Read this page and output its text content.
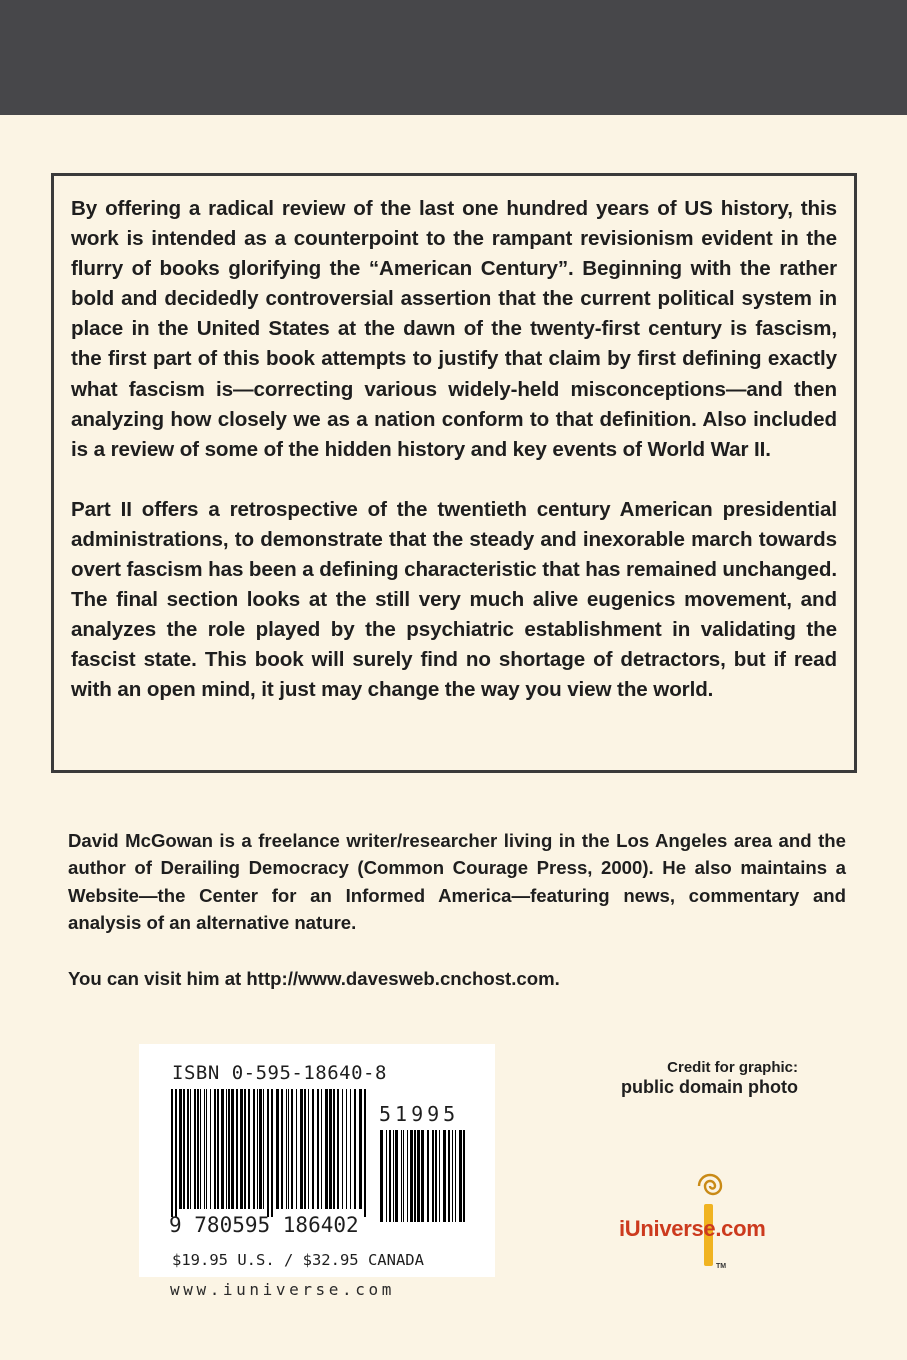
By offering a radical review of the last one hundred years of US history, this work is intended as a counterpoint to the rampant revisionism evident in the flurry of books glorifying the “American Century”. Beginning with the rather bold and decidedly controversial assertion that the current political system in place in the United States at the dawn of the twenty-first century is fascism, the first part of this book attempts to justify that claim by first defining exactly what fascism is—correcting various widely-held misconceptions—and then analyzing how closely we as a nation conform to that definition. Also included is a review of some of the hidden history and key events of World War II.

Part II offers a retrospective of the twentieth century American presidential administrations, to demonstrate that the steady and inexorable march towards overt fascism has been a defining characteristic that has remained unchanged. The final section looks at the still very much alive eugenics movement, and analyzes the role played by the psychiatric establishment in validating the fascist state. This book will surely find no shortage of detractors, but if read with an open mind, it just may change the way you view the world.

David McGowan is a freelance writer/researcher living in the Los Angeles area and the author of Derailing Democracy (Common Courage Press, 2000). He also maintains a Website—the Center for an Informed America—featuring news, commentary and analysis of an alternative nature.

You can visit him at http://www.davesweb.cnchost.com.

ISBN 0-595-18640-8
51995
9 780595 186402
$19.95 U.S. / $32.95 CANADA
www.iuniverse.com
Credit for graphic:
public domain photo
TM
iUniverse.com
